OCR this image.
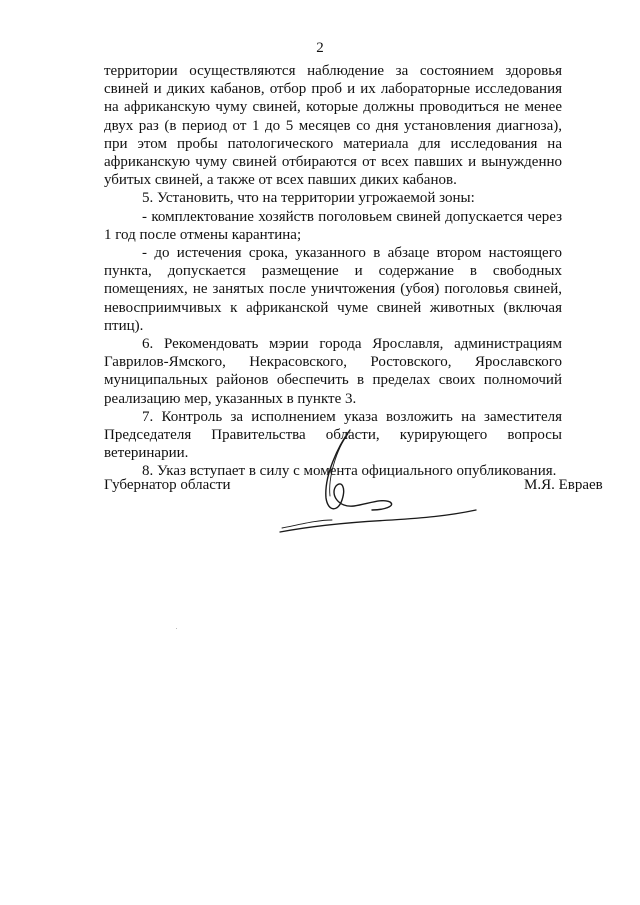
2

территории осуществляются наблюдение за состоянием здоровья свиней и диких кабанов, отбор проб и их лабораторные исследования на африканскую чуму свиней, которые должны проводиться не менее двух раз (в период от 1 до 5 месяцев со дня установления диагноза), при этом пробы патологического материала для исследования на африканскую чуму свиней отбираются от всех павших и вынужденно убитых свиней, а также от всех павших диких кабанов.

5. Установить, что на территории угрожаемой зоны:

- комплектование хозяйств поголовьем свиней допускается через 1 год после отмены карантина;

- до истечения срока, указанного в абзаце втором настоящего пункта, допускается размещение и содержание в свободных помещениях, не занятых после уничтожения (убоя) поголовья свиней, невосприимчивых к африканской чуме свиней животных (включая птиц).

6. Рекомендовать мэрии города Ярославля, администрациям Гаврилов-Ямского, Некрасовского, Ростовского, Ярославского муниципальных районов обеспечить в пределах своих полномочий реализацию мер, указанных в пункте 3.

7. Контроль за исполнением указа возложить на заместителя Председателя Правительства области, курирующего вопросы ветеринарии.

8. Указ вступает в силу с момента официального опубликования.

Губернатор области	М.Я. Евраев
